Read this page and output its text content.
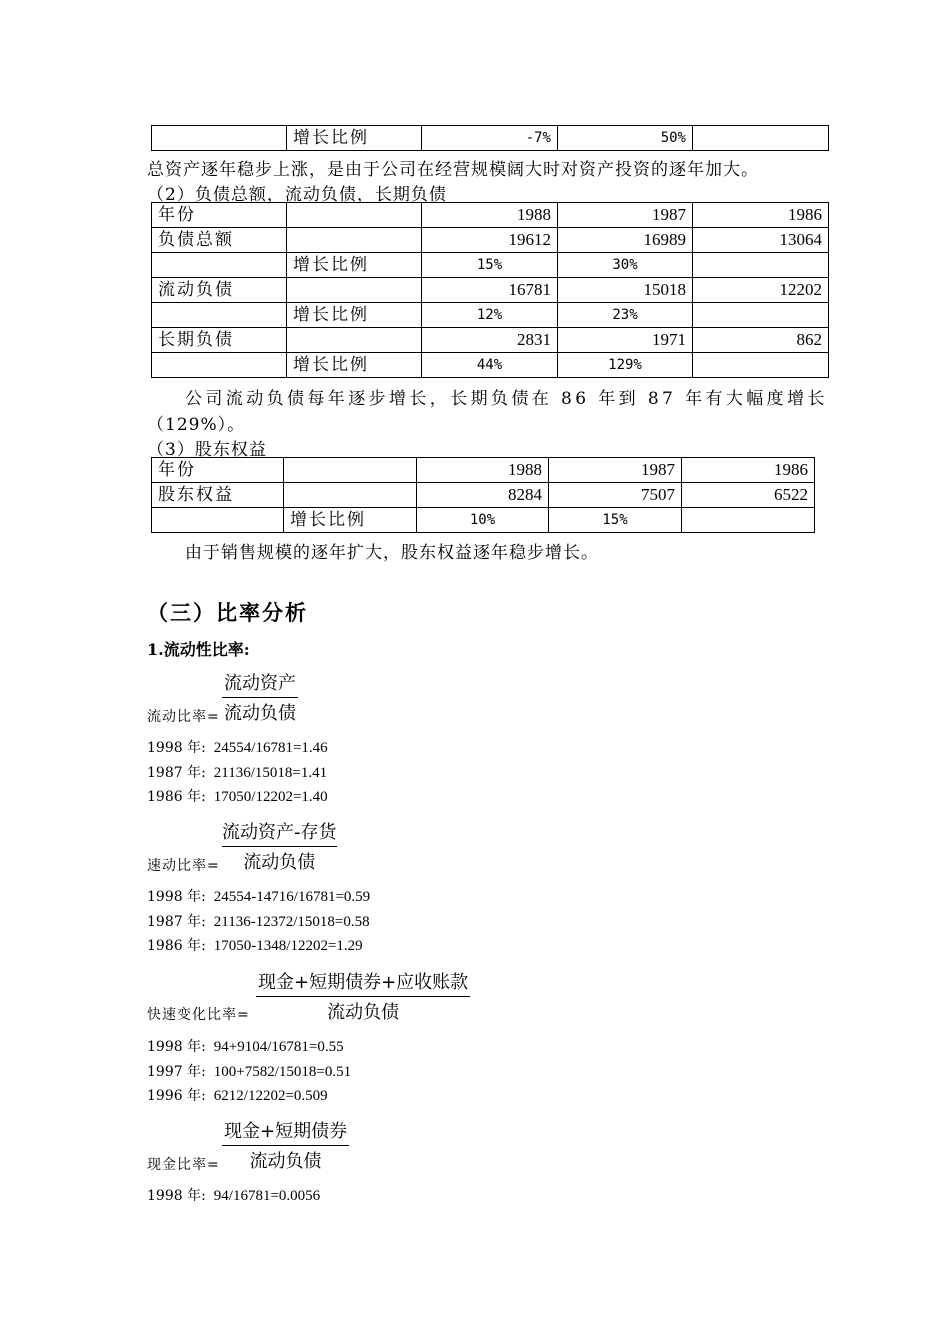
	增长比例	-7%	50%	
总资产逐年稳步上涨，是由于公司在经营规模阔大时对资产投资的逐年加大。
（2）负债总额，流动负债，长期负债
年份		1988	1987	1986
负债总额		19612	16989	13064
	增长比例	15%	30%	
流动负债		16781	15018	12202
	增长比例	12%	23%	
长期负债		2831	1971	862
	增长比例	44%	129%	
公司流动负债每年逐步增长，长期负债在 86 年到 87 年有大幅度增长
（129%）。
（3）股东权益
年份		1988	1987	1986
股东权益		8284	7507	6522
	增长比例	10%	15%	
由于销售规模的逐年扩大，股东权益逐年稳步增长。
（三）比率分析
1.流动性比率:
流动资产
流动负债
流动比率=
1998 年: 24554/16781=1.46
1987 年: 21136/15018=1.41
1986 年: 17050/12202=1.40
流动资产-存货
流动负债
速动比率=
1998 年: 24554-14716/16781=0.59
1987 年: 21136-12372/15018=0.58
1986 年: 17050-1348/12202=1.29
现金+短期债券+应收账款
流动负债
快速变化比率=
1998 年: 94+9104/16781=0.55
1997 年: 100+7582/15018=0.51
1996 年: 6212/12202=0.509
现金+短期债券
流动负债
现金比率=
1998 年: 94/16781=0.0056
